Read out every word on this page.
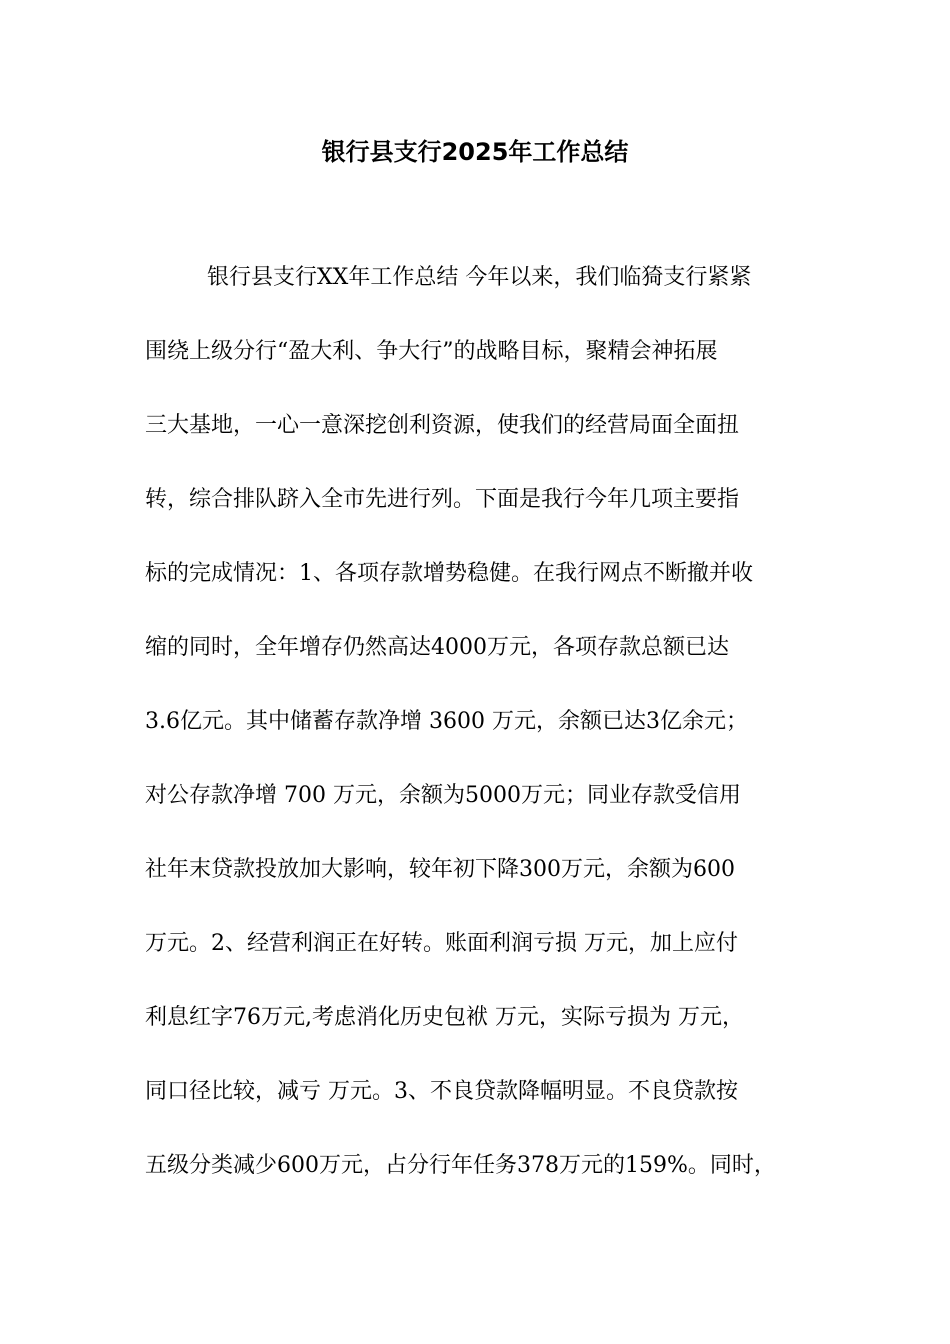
银行县支行2025年工作总结

银行县支行XX年工作总结 今年以来，我们临猗支行紧紧

围绕上级分行“盈大利、争大行”的战略目标，聚精会神拓展

三大基地，一心一意深挖创利资源，使我们的经营局面全面扭

转，综合排队跻入全市先进行列。下面是我行今年几项主要指

标的完成情况：1、各项存款增势稳健。在我行网点不断撤并收

缩的同时，全年增存仍然高达4000万元，各项存款总额已达

3.6亿元。其中储蓄存款净增 3600 万元，余额已达3亿余元；

对公存款净增 700 万元，余额为5000万元；同业存款受信用

社年末贷款投放加大影响，较年初下降300万元，余额为600

万元。2、经营利润正在好转。账面利润亏损 万元，加上应付

利息红字76万元,考虑消化历史包袱 万元，实际亏损为 万元，

同口径比较，减亏 万元。3、不良贷款降幅明显。不良贷款按

五级分类减少600万元，占分行年任务378万元的159%。同时，
